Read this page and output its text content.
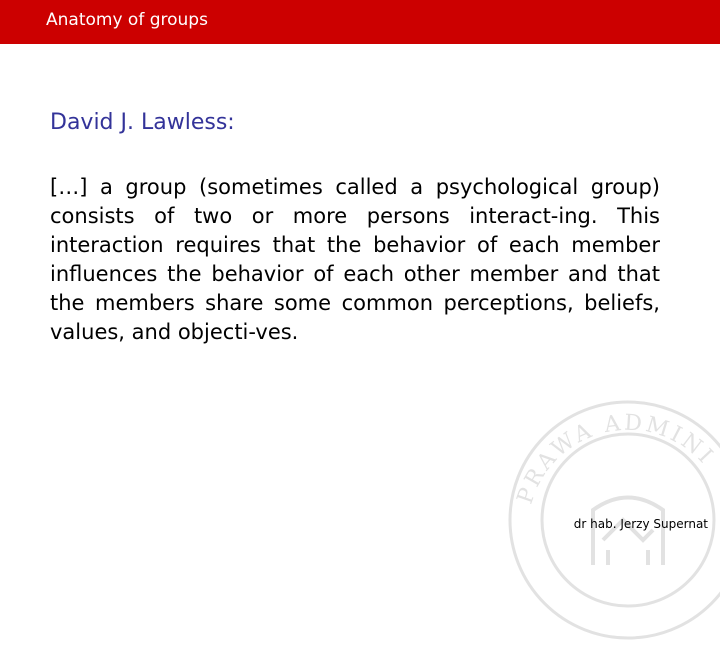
Anatomy of groups
PRAWA ADMINI
David J. Lawless:

[…] a group (sometimes called a psychological group) consists of two or more persons interact-ing. This interaction requires that the behavior of each member influences the behavior of each other member and that the members share some common perceptions, beliefs, values, and objecti-ves.

dr hab. Jerzy Supernat
